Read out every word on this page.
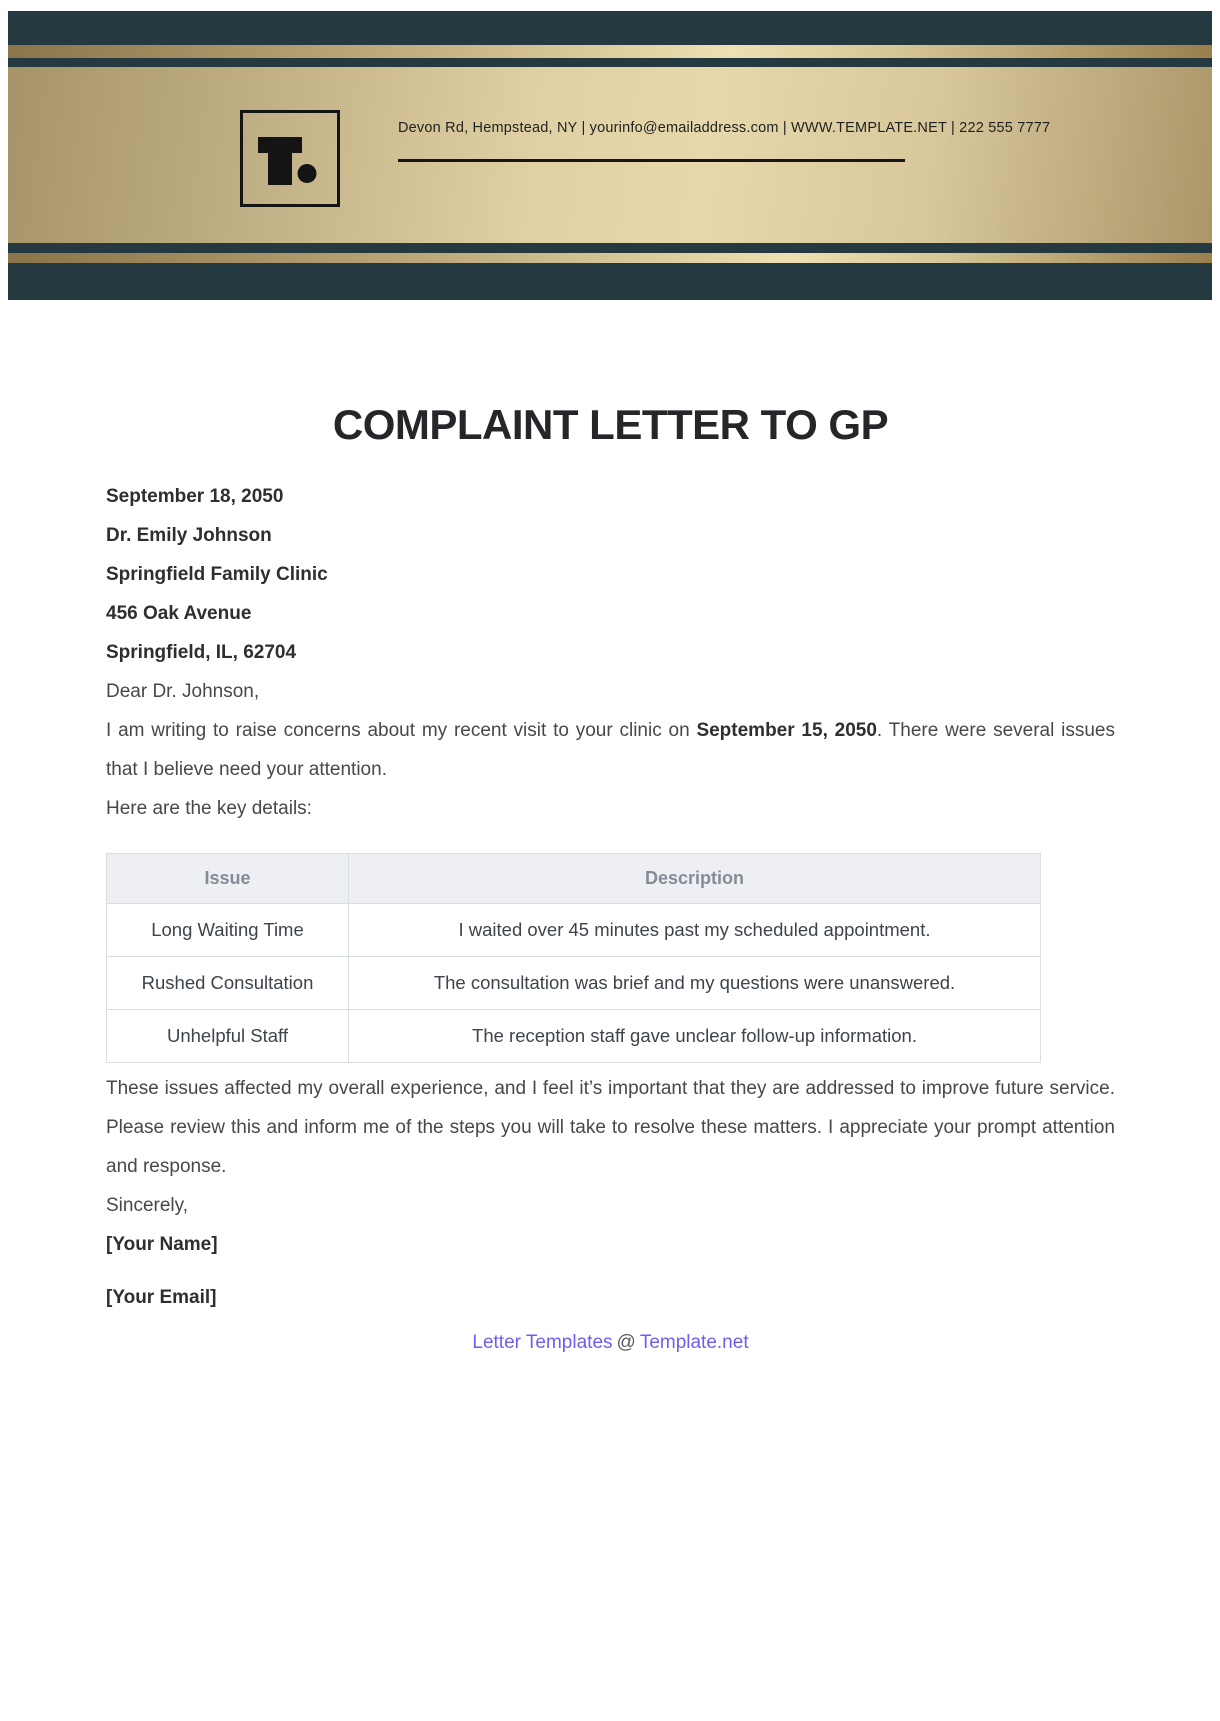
Devon Rd, Hempstead, NY | yourinfo@emailaddress.com | WWW.TEMPLATE.NET | 222 555 7777
COMPLAINT LETTER TO GP

September 18, 2050

Dr. Emily Johnson

Springfield Family Clinic

456 Oak Avenue

Springfield, IL, 62704

Dear Dr. Johnson,

I am writing to raise concerns about my recent visit to your clinic on September 15, 2050. There were several issues that I believe need your attention.

Here are the key details:

Issue	Description
Long Waiting Time	I waited over 45 minutes past my scheduled appointment.
Rushed Consultation	The consultation was brief and my questions were unanswered.
Unhelpful Staff	The reception staff gave unclear follow-up information.

These issues affected my overall experience, and I feel it’s important that they are addressed to improve future service. Please review this and inform me of the steps you will take to resolve these matters. I appreciate your prompt attention and response.

Sincerely,

[Your Name]

[Your Email]

Letter Templates @ Template.net
